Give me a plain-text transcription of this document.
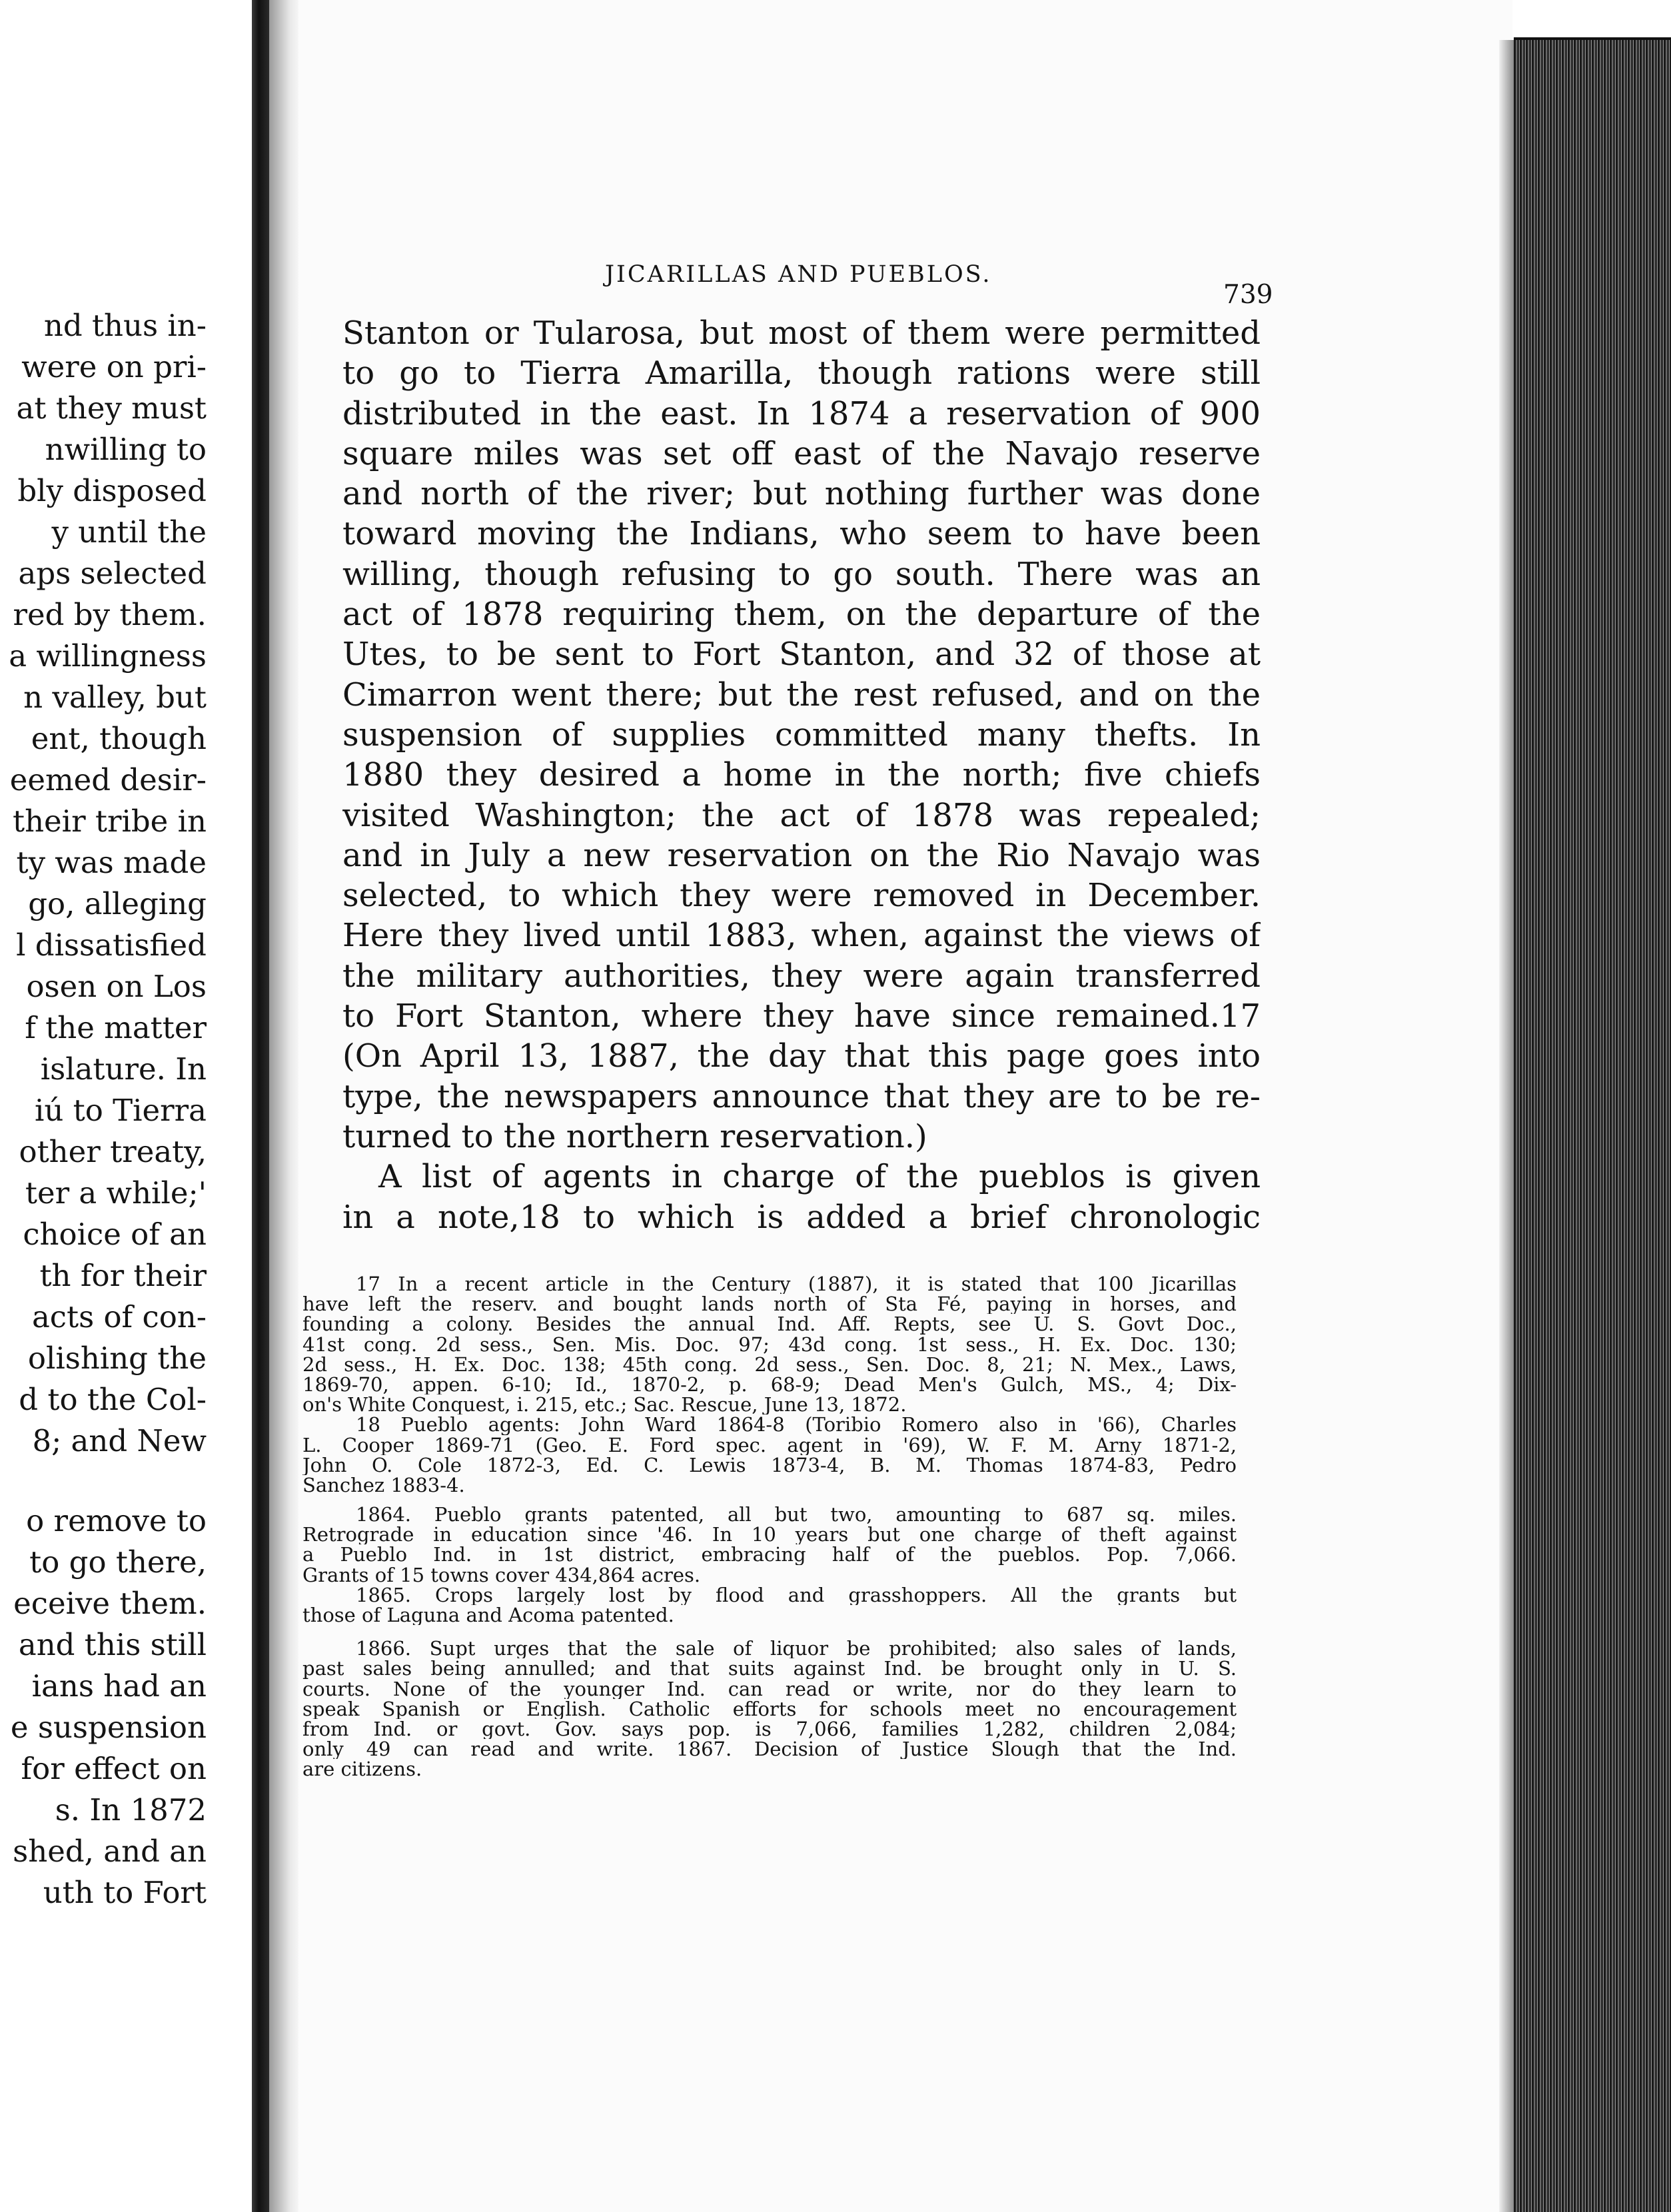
nd thus in-
were on pri-
at they must
nwilling to
bly disposed
y until the
aps selected
red by them.
a willingness
n valley, but
ent, though
eemed desir-
their tribe in
ty was made
go, alleging
l dissatisfied
osen on Los
f the matter
islature. In
iú to Tierra
other treaty,
ter a while;'
choice of an
th for their
acts of con-
olishing the
d to the Col-
8; and New
o remove to
to go there,
eceive them.
and this still
ians had an
e suspension
for effect on
s. In 1872
shed, and an
uth to Fort
JICARILLAS AND PUEBLOS.
739
Stanton or Tularosa, but most of them were permitted
to go to Tierra Amarilla, though rations were still
distributed in the east. In 1874 a reservation of 900
square miles was set off east of the Navajo reserve
and north of the river; but nothing further was done
toward moving the Indians, who seem to have been
willing, though refusing to go south. There was an
act of 1878 requiring them, on the departure of the
Utes, to be sent to Fort Stanton, and 32 of those at
Cimarron went there; but the rest refused, and on the
suspension of supplies committed many thefts. In
1880 they desired a home in the north; five chiefs
visited Washington; the act of 1878 was repealed;
and in July a new reservation on the Rio Navajo was
selected, to which they were removed in December.
Here they lived until 1883, when, against the views of
the military authorities, they were again transferred
to Fort Stanton, where they have since remained.17
(On April 13, 1887, the day that this page goes into
type, the newspapers announce that they are to be re-
turned to the northern reservation.)
A list of agents in charge of the pueblos is given
in a note,18 to which is added a brief chronologic
17 In a recent article in the Century (1887), it is stated that 100 Jicarillas
have left the reserv. and bought lands north of Sta Fé, paying in horses, and
founding a colony. Besides the annual Ind. Aff. Repts, see U. S. Govt Doc.,
41st cong. 2d sess., Sen. Mis. Doc. 97; 43d cong. 1st sess., H. Ex. Doc. 130;
2d sess., H. Ex. Doc. 138; 45th cong. 2d sess., Sen. Doc. 8, 21; N. Mex., Laws,
1869-70, appen. 6-10; Id., 1870-2, p. 68-9; Dead Men's Gulch, MS., 4; Dix-
on's White Conquest, i. 215, etc.; Sac. Rescue, June 13, 1872.
18 Pueblo agents: John Ward 1864-8 (Toribio Romero also in '66), Charles
L. Cooper 1869-71 (Geo. E. Ford spec. agent in '69), W. F. M. Arny 1871-2,
John O. Cole 1872-3, Ed. C. Lewis 1873-4, B. M. Thomas 1874-83, Pedro
Sanchez 1883-4.
1864. Pueblo grants patented, all but two, amounting to 687 sq. miles.
Retrograde in education since '46. In 10 years but one charge of theft against
a Pueblo Ind. in 1st district, embracing half of the pueblos. Pop. 7,066.
Grants of 15 towns cover 434,864 acres.
1865. Crops largely lost by flood and grasshoppers. All the grants but
those of Laguna and Acoma patented.
1866. Supt urges that the sale of liquor be prohibited; also sales of lands,
past sales being annulled; and that suits against Ind. be brought only in U. S.
courts. None of the younger Ind. can read or write, nor do they learn to
speak Spanish or English. Catholic efforts for schools meet no encouragement
from Ind. or govt. Gov. says pop. is 7,066, families 1,282, children 2,084;
only 49 can read and write. 1867. Decision of Justice Slough that the Ind.
are citizens.
